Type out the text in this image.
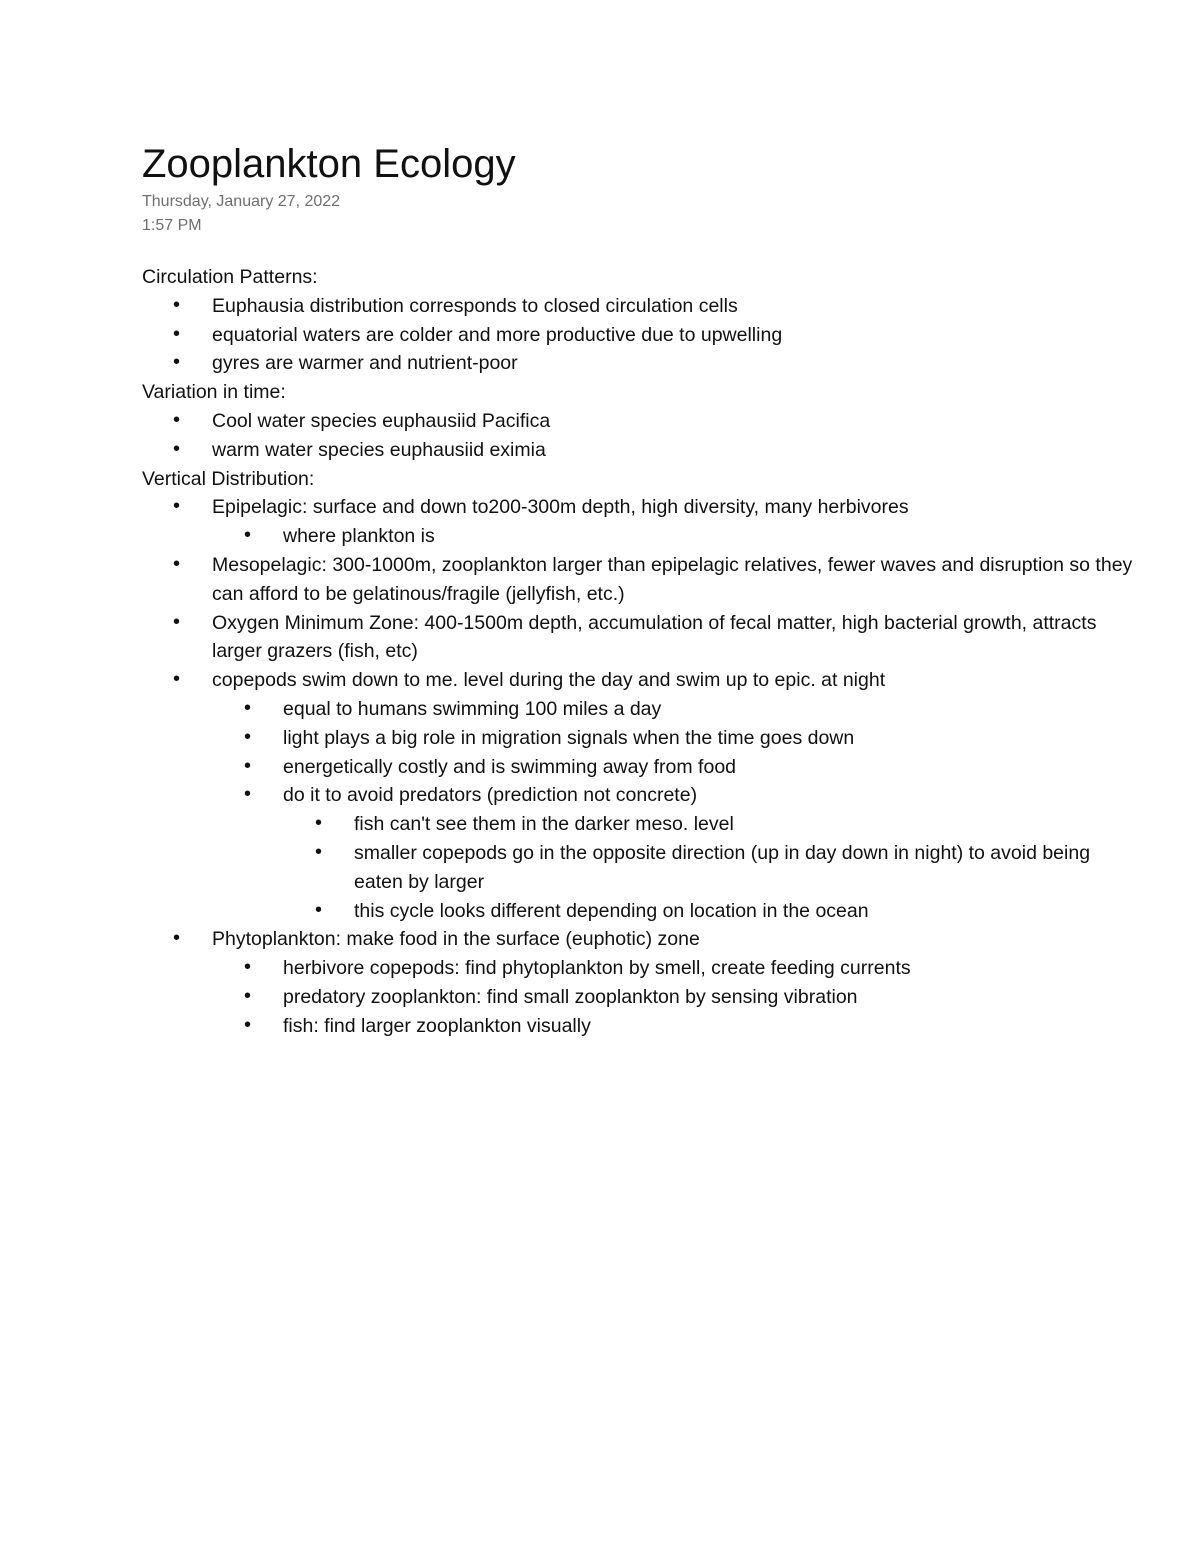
Zooplankton Ecology
Thursday, January 27, 2022
1:57 PM
Circulation Patterns:
• Euphausia distribution corresponds to closed circulation cells
• equatorial waters are colder and more productive due to upwelling
• gyres are warmer and nutrient-poor
Variation in time:
• Cool water species euphausiid Pacifica
• warm water species euphausiid eximia
Vertical Distribution:
• Epipelagic: surface and down to200-300m depth, high diversity, many herbivores
• where plankton is
• Mesopelagic: 300-1000m, zooplankton larger than epipelagic relatives, fewer waves and disruption so they can afford to be gelatinous/fragile (jellyfish, etc.)
• Oxygen Minimum Zone: 400-1500m depth, accumulation of fecal matter, high bacterial growth, attracts larger grazers (fish, etc)
• copepods swim down to me. level during the day and swim up to epic. at night
• equal to humans swimming 100 miles a day
• light plays a big role in migration signals when the time goes down
• energetically costly and is swimming away from food
• do it to avoid predators (prediction not concrete)
• fish can't see them in the darker meso. level
• smaller copepods go in the opposite direction (up in day down in night) to avoid being eaten by larger
• this cycle looks different depending on location in the ocean
• Phytoplankton: make food in the surface (euphotic) zone
• herbivore copepods: find phytoplankton by smell, create feeding currents
• predatory zooplankton: find small zooplankton by sensing vibration
• fish: find larger zooplankton visually
